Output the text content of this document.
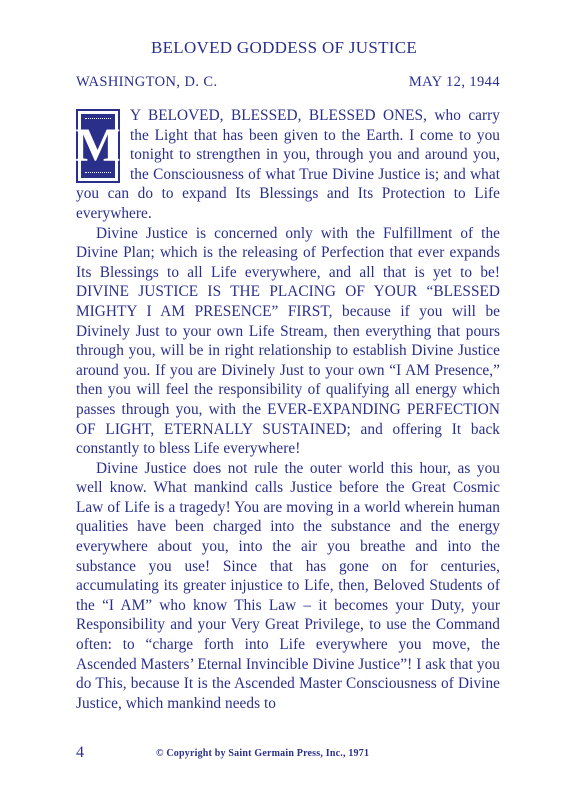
BELOVED GODDESS OF JUSTICE
WASHINGTON, D. C.	MAY 12, 1944
M

Y BELOVED, BLESSED, BLESSED ONES, who carry the Light that has been given to the Earth. I come to you tonight to strengthen in you, through you and around you, the Consciousness of what True Divine Justice is; and what you can do to expand Its Blessings and Its Protection to Life everywhere.

Divine Justice is concerned only with the Fulfillment of the Divine Plan; which is the releasing of Perfection that ever expands Its Blessings to all Life everywhere, and all that is yet to be! DIVINE JUSTICE IS THE PLACING OF YOUR “BLESSED MIGHTY I AM PRESENCE” FIRST, because if you will be Divinely Just to your own Life Stream, then everything that pours through you, will be in right relationship to establish Divine Justice around you. If you are Divinely Just to your own “I AM Presence,” then you will feel the responsibility of qualifying all energy which passes through you, with the EVER-EXPANDING PERFECTION OF LIGHT, ETERNALLY SUSTAINED; and offering It back constantly to bless Life everywhere!

Divine Justice does not rule the outer world this hour, as you well know. What mankind calls Justice before the Great Cosmic Law of Life is a tragedy! You are moving in a world wherein human qualities have been charged into the substance and the energy everywhere about you, into the air you breathe and into the substance you use! Since that has gone on for centuries, accumulating its greater injustice to Life, then, Beloved Students of the “I AM” who know This Law – it becomes your Duty, your Responsibility and your Very Great Privilege, to use the Command often: to “charge forth into Life everywhere you move, the Ascended Masters’ Eternal Invincible Divine Justice”! I ask that you do This, because It is the Ascended Master Consciousness of Divine Justice, which mankind needs to

4	© Copyright by Saint Germain Press, Inc., 1971
